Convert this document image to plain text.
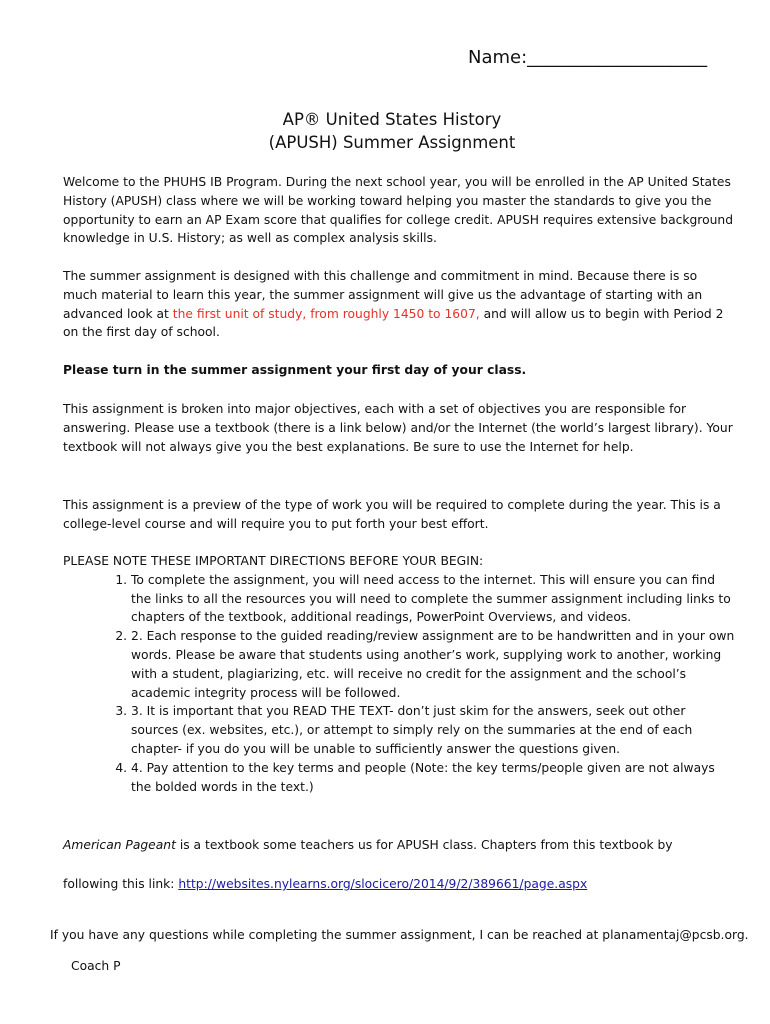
Name:____________________
AP® United States History
(APUSH) Summer Assignment
Welcome to the PHUHS IB Program. During the next school year, you will be enrolled in the AP United States History (APUSH) class where we will be working toward helping you master the standards to give you the opportunity to earn an AP Exam score that qualifies for college credit. APUSH requires extensive background knowledge in U.S. History; as well as complex analysis skills.
The summer assignment is designed with this challenge and commitment in mind. Because there is so much material to learn this year, the summer assignment will give us the advantage of starting with an advanced look at the first unit of study, from roughly 1450 to 1607, and will allow us to begin with Period 2 on the first day of school.
Please turn in the summer assignment your first day of your class.
This assignment is broken into major objectives, each with a set of objectives you are responsible for answering. Please use a textbook (there is a link below) and/or the Internet (the world’s largest library). Your textbook will not always give you the best explanations. Be sure to use the Internet for help.
This assignment is a preview of the type of work you will be required to complete during the year. This is a college-level course and will require you to put forth your best effort.
PLEASE NOTE THESE IMPORTANT DIRECTIONS BEFORE YOUR BEGIN:
1. To complete the assignment, you will need access to the internet. This will ensure you can find the links to all the resources you will need to complete the summer assignment including links to chapters of the textbook, additional readings, PowerPoint Overviews, and videos.
2. 2. Each response to the guided reading/review assignment are to be handwritten and in your own words. Please be aware that students using another’s work, supplying work to another, working with a student, plagiarizing, etc. will receive no credit for the assignment and the school’s academic integrity process will be followed.
3. 3. It is important that you READ THE TEXT- don’t just skim for the answers, seek out other sources (ex. websites, etc.), or attempt to simply rely on the summaries at the end of each chapter- if you do you will be unable to sufficiently answer the questions given.
4. 4. Pay attention to the key terms and people (Note: the key terms/people given are not always the bolded words in the text.)
American Pageant is a textbook some teachers us for APUSH class. Chapters from this textbook by
following this link: http://websites.nylearns.org/slocicero/2014/9/2/389661/page.aspx
If you have any questions while completing the summer assignment, I can be reached at planamentaj@pcsb.org.
Coach P
